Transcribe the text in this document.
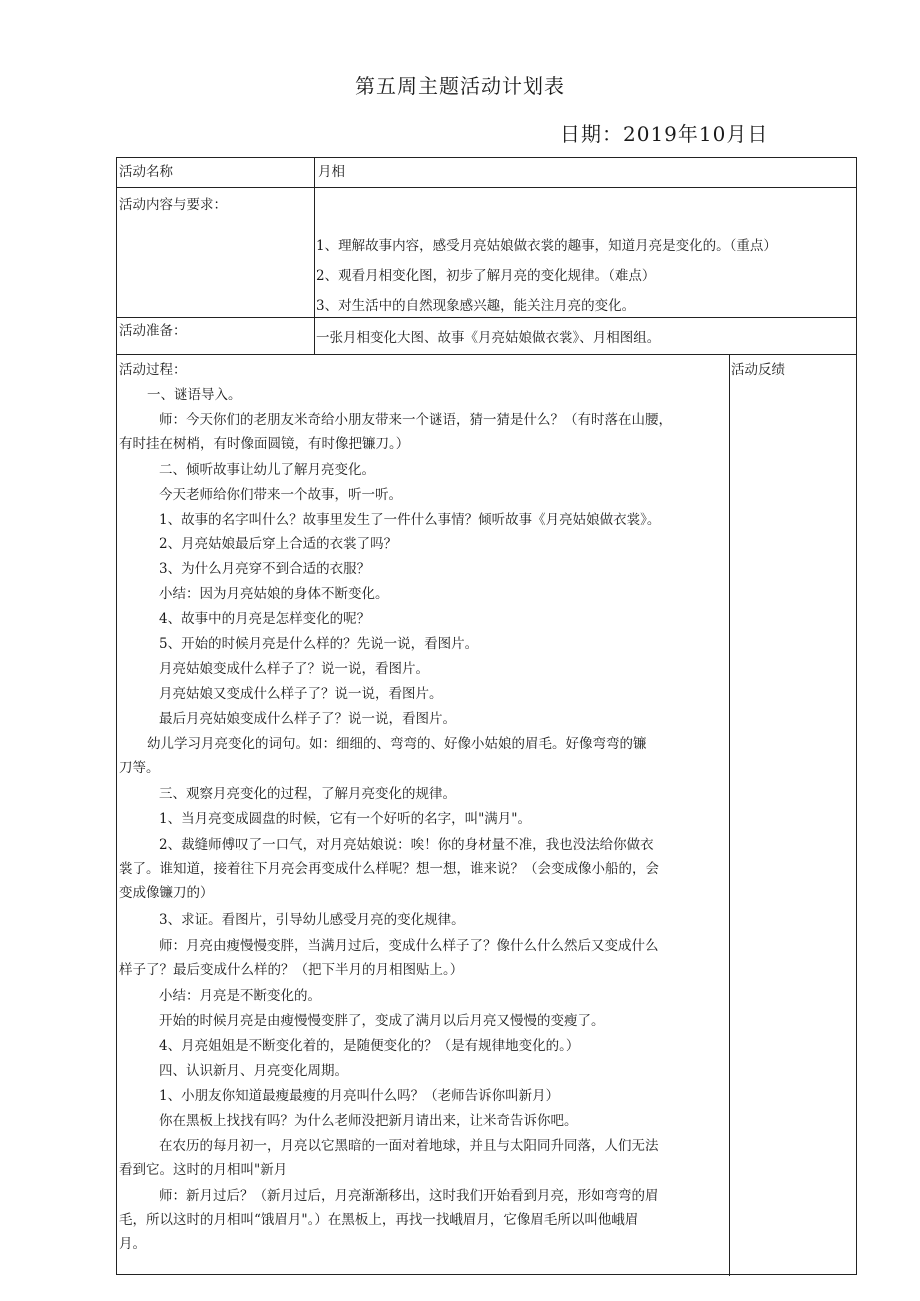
第五周主题活动计划表
日期：2019年10月日
活动名称	月相
活动内容与要求：
1、理解故事内容，感受月亮姑娘做衣裳的趣事，知道月亮是变化的。（重点）
2、观看月相变化图，初步了解月亮的变化规律。（难点）
3、对生活中的自然现象感兴趣，能关注月亮的变化。
活动准备：	一张月相变化大图、故事《月亮姑娘做衣裳》、月相图组。
活动过程：	活动反绩
一、谜语导入。
师：今天你们的老朋友米奇给小朋友带来一个谜语，猜一猜是什么？（有时落在山腰，
有时挂在树梢，有时像面圆镜，有时像把镰刀。）
二、倾听故事让幼儿了解月亮变化。
今天老师给你们带来一个故事，听一听。
1、故事的名字叫什么？故事里发生了一件什么事情？倾听故事《月亮姑娘做衣裳》。
2、月亮姑娘最后穿上合适的衣裳了吗？
3、为什么月亮穿不到合适的衣服？
小结：因为月亮姑娘的身体不断变化。
4、故事中的月亮是怎样变化的呢？
5、开始的时候月亮是什么样的？先说一说，看图片。
月亮姑娘变成什么样子了？说一说，看图片。
月亮姑娘又变成什么样子了？说一说，看图片。
最后月亮姑娘变成什么样子了？说一说，看图片。
幼儿学习月亮变化的词句。如：细细的、弯弯的、好像小姑娘的眉毛。好像弯弯的镰
刀等。
三、观察月亮变化的过程，了解月亮变化的规律。
1、当月亮变成圆盘的时候，它有一个好听的名字，叫"满月"。
2、裁缝师傅叹了一口气，对月亮姑娘说：唉！你的身材量不准，我也没法给你做衣
裳了。谁知道，接着往下月亮会再变成什么样呢？想一想，谁来说？（会变成像小船的，会
变成像镰刀的）
3、求证。看图片，引导幼儿感受月亮的变化规律。
师：月亮由瘦慢慢变胖，当满月过后，变成什么样子了？像什么什么然后又变成什么
样子了？最后变成什么样的？（把下半月的月相图贴上。）
小结：月亮是不断变化的。
开始的时候月亮是由瘦慢慢变胖了，变成了满月以后月亮又慢慢的变瘦了。
4、月亮姐姐是不断变化着的，是随便变化的？（是有规律地变化的。）
四、认识新月、月亮变化周期。
1、小朋友你知道最瘦最瘦的月亮叫什么吗？（老师告诉你叫新月）
你在黑板上找找有吗？为什么老师没把新月请出来，让米奇告诉你吧。
在农历的每月初一，月亮以它黑暗的一面对着地球，并且与太阳同升同落，人们无法
看到它。这时的月相叫"新月
师：新月过后？（新月过后，月亮渐渐移出，这时我们开始看到月亮，形如弯弯的眉
毛，所以这时的月相叫“饿眉月"。）在黑板上，再找一找峨眉月，它像眉毛所以叫他峨眉
月。
